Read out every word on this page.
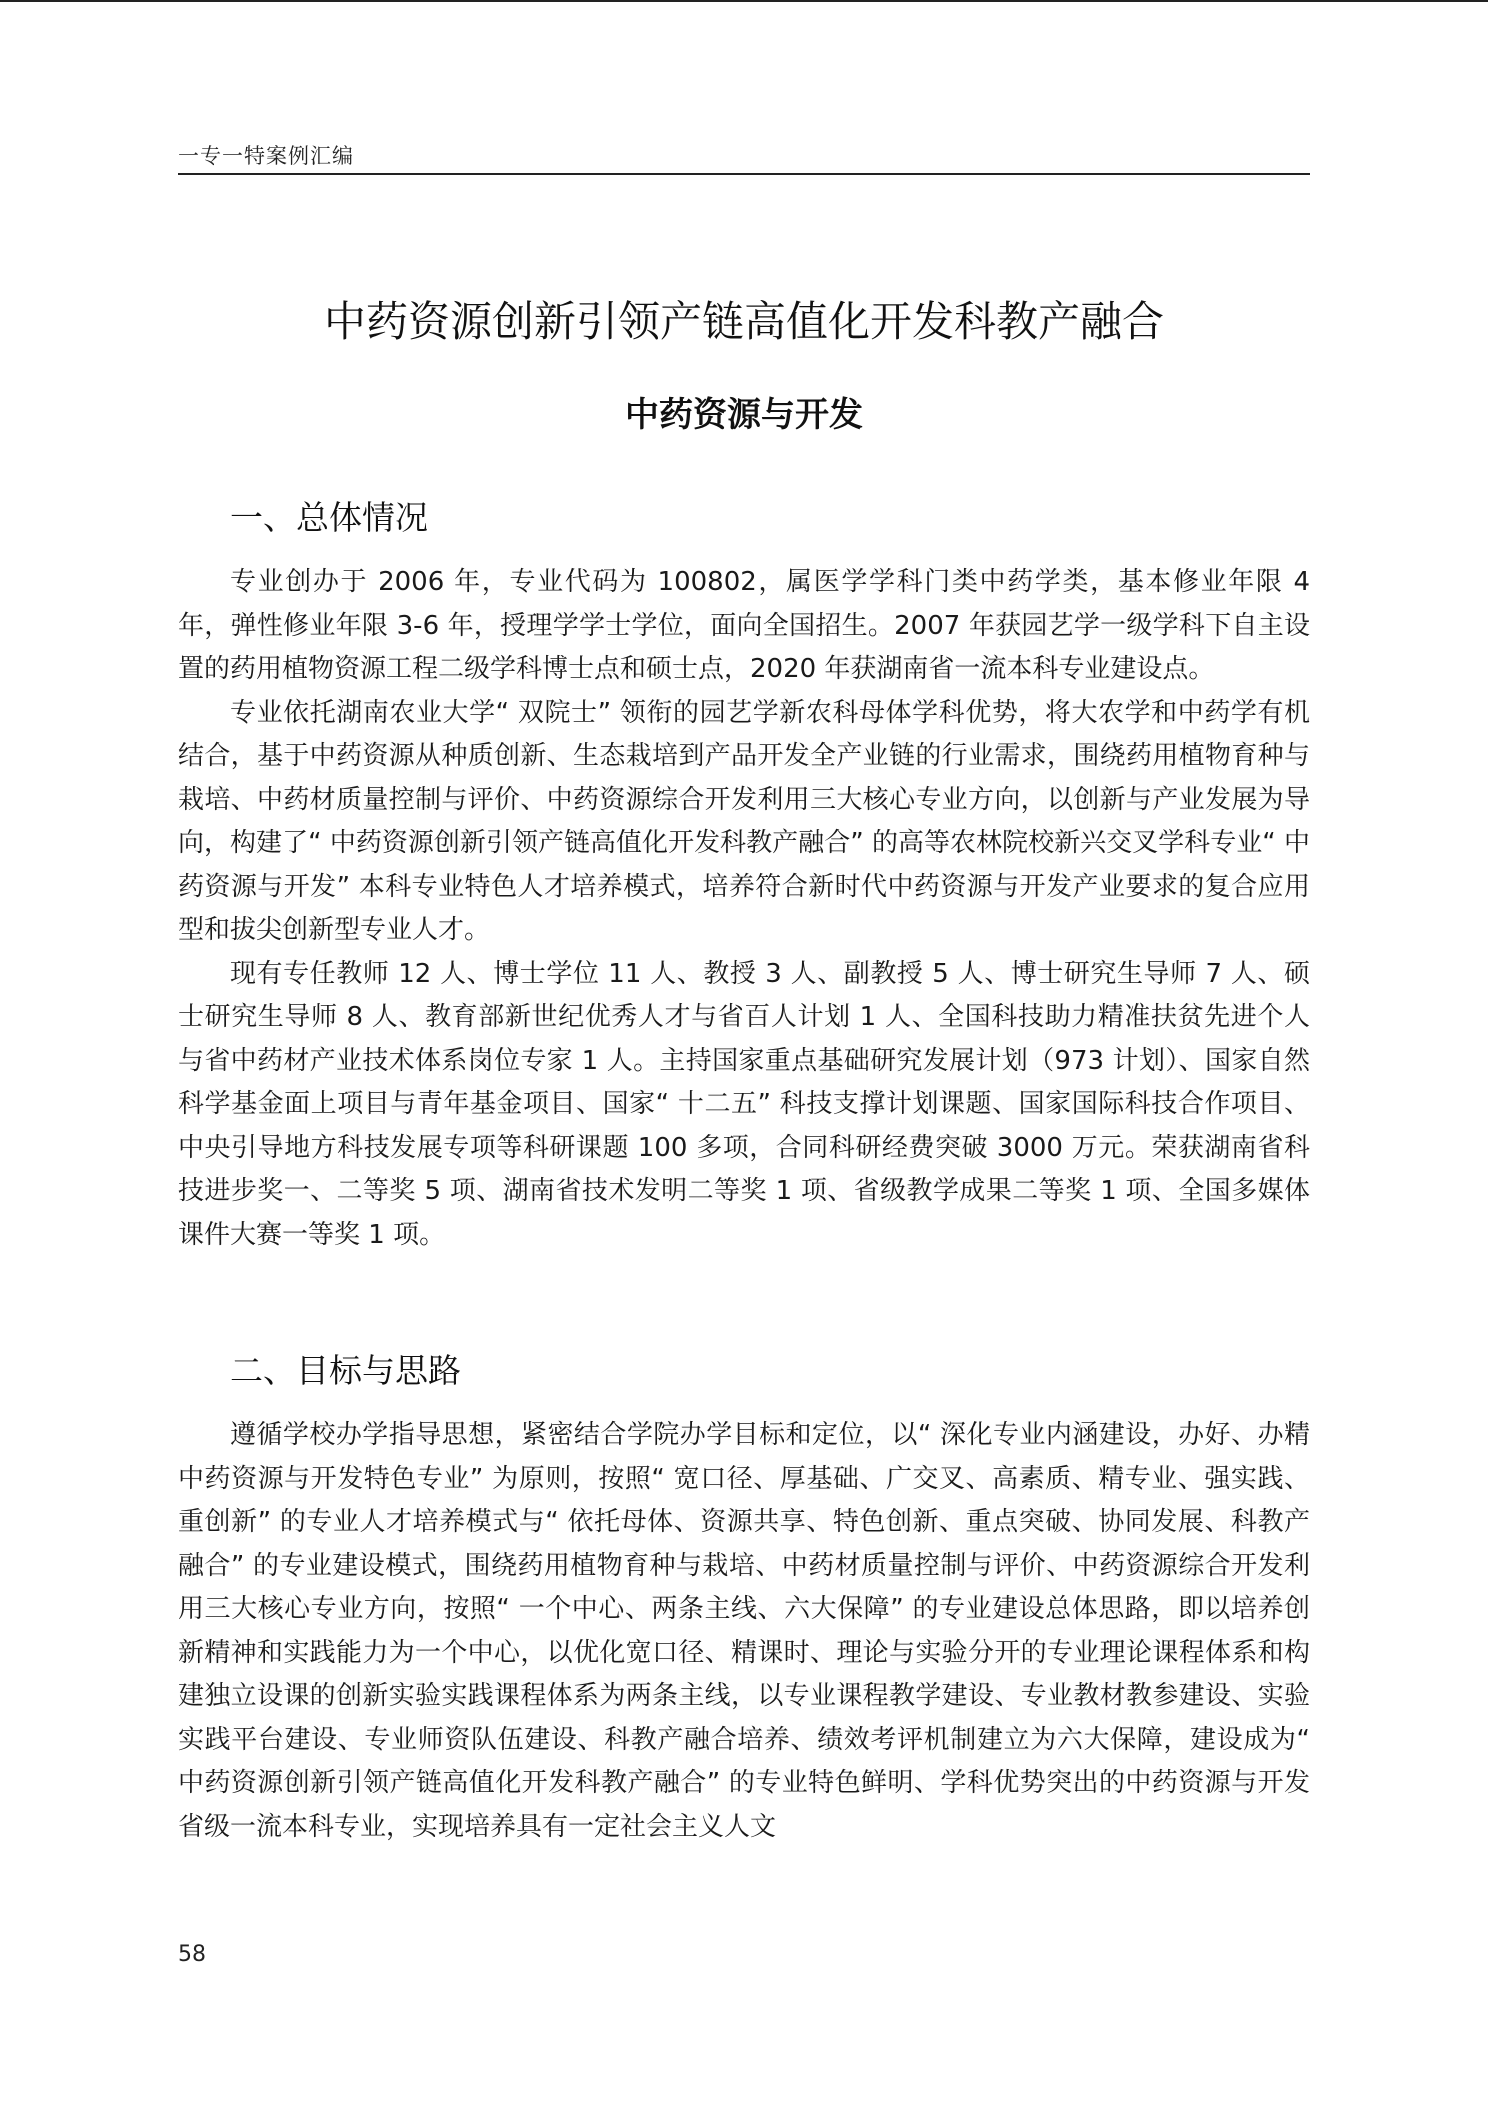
一专一特案例汇编
中药资源创新引领产链高值化开发科教产融合
中药资源与开发
一、总体情况

专业创办于 2006 年，专业代码为 100802，属医学学科门类中药学类，基本修业年限 4 年，弹性修业年限 3-6 年，授理学学士学位，面向全国招生。2007 年获园艺学一级学科下自主设置的药用植物资源工程二级学科博士点和硕士点，2020 年获湖南省一流本科专业建设点。

专业依托湖南农业大学“ 双院士” 领衔的园艺学新农科母体学科优势，将大农学和中药学有机结合，基于中药资源从种质创新、生态栽培到产品开发全产业链的行业需求，围绕药用植物育种与栽培、中药材质量控制与评价、中药资源综合开发利用三大核心专业方向，以创新与产业发展为导向，构建了“ 中药资源创新引领产链高值化开发科教产融合” 的高等农林院校新兴交叉学科专业“ 中药资源与开发” 本科专业特色人才培养模式，培养符合新时代中药资源与开发产业要求的复合应用型和拔尖创新型专业人才。

现有专任教师 12 人、博士学位 11 人、教授 3 人、副教授 5 人、博士研究生导师 7 人、硕士研究生导师 8 人、教育部新世纪优秀人才与省百人计划 1 人、全国科技助力精准扶贫先进个人与省中药材产业技术体系岗位专家 1 人。主持国家重点基础研究发展计划（973 计划）、国家自然科学基金面上项目与青年基金项目、国家“ 十二五” 科技支撑计划课题、国家国际科技合作项目、中央引导地方科技发展专项等科研课题 100 多项，合同科研经费突破 3000 万元。荣获湖南省科技进步奖一、二等奖 5 项、湖南省技术发明二等奖 1 项、省级教学成果二等奖 1 项、全国多媒体课件大赛一等奖 1 项。

二、目标与思路

遵循学校办学指导思想，紧密结合学院办学目标和定位，以“ 深化专业内涵建设，办好、办精中药资源与开发特色专业” 为原则，按照“ 宽口径、厚基础、广交叉、高素质、精专业、强实践、重创新” 的专业人才培养模式与“ 依托母体、资源共享、特色创新、重点突破、协同发展、科教产融合” 的专业建设模式，围绕药用植物育种与栽培、中药材质量控制与评价、中药资源综合开发利用三大核心专业方向，按照“ 一个中心、两条主线、六大保障” 的专业建设总体思路，即以培养创新精神和实践能力为一个中心，以优化宽口径、精课时、理论与实验分开的专业理论课程体系和构建独立设课的创新实验实践课程体系为两条主线，以专业课程教学建设、专业教材教参建设、实验实践平台建设、专业师资队伍建设、科教产融合培养、绩效考评机制建立为六大保障，建设成为“ 中药资源创新引领产链高值化开发科教产融合” 的专业特色鲜明、学科优势突出的中药资源与开发省级一流本科专业，实现培养具有一定社会主义人文

58
